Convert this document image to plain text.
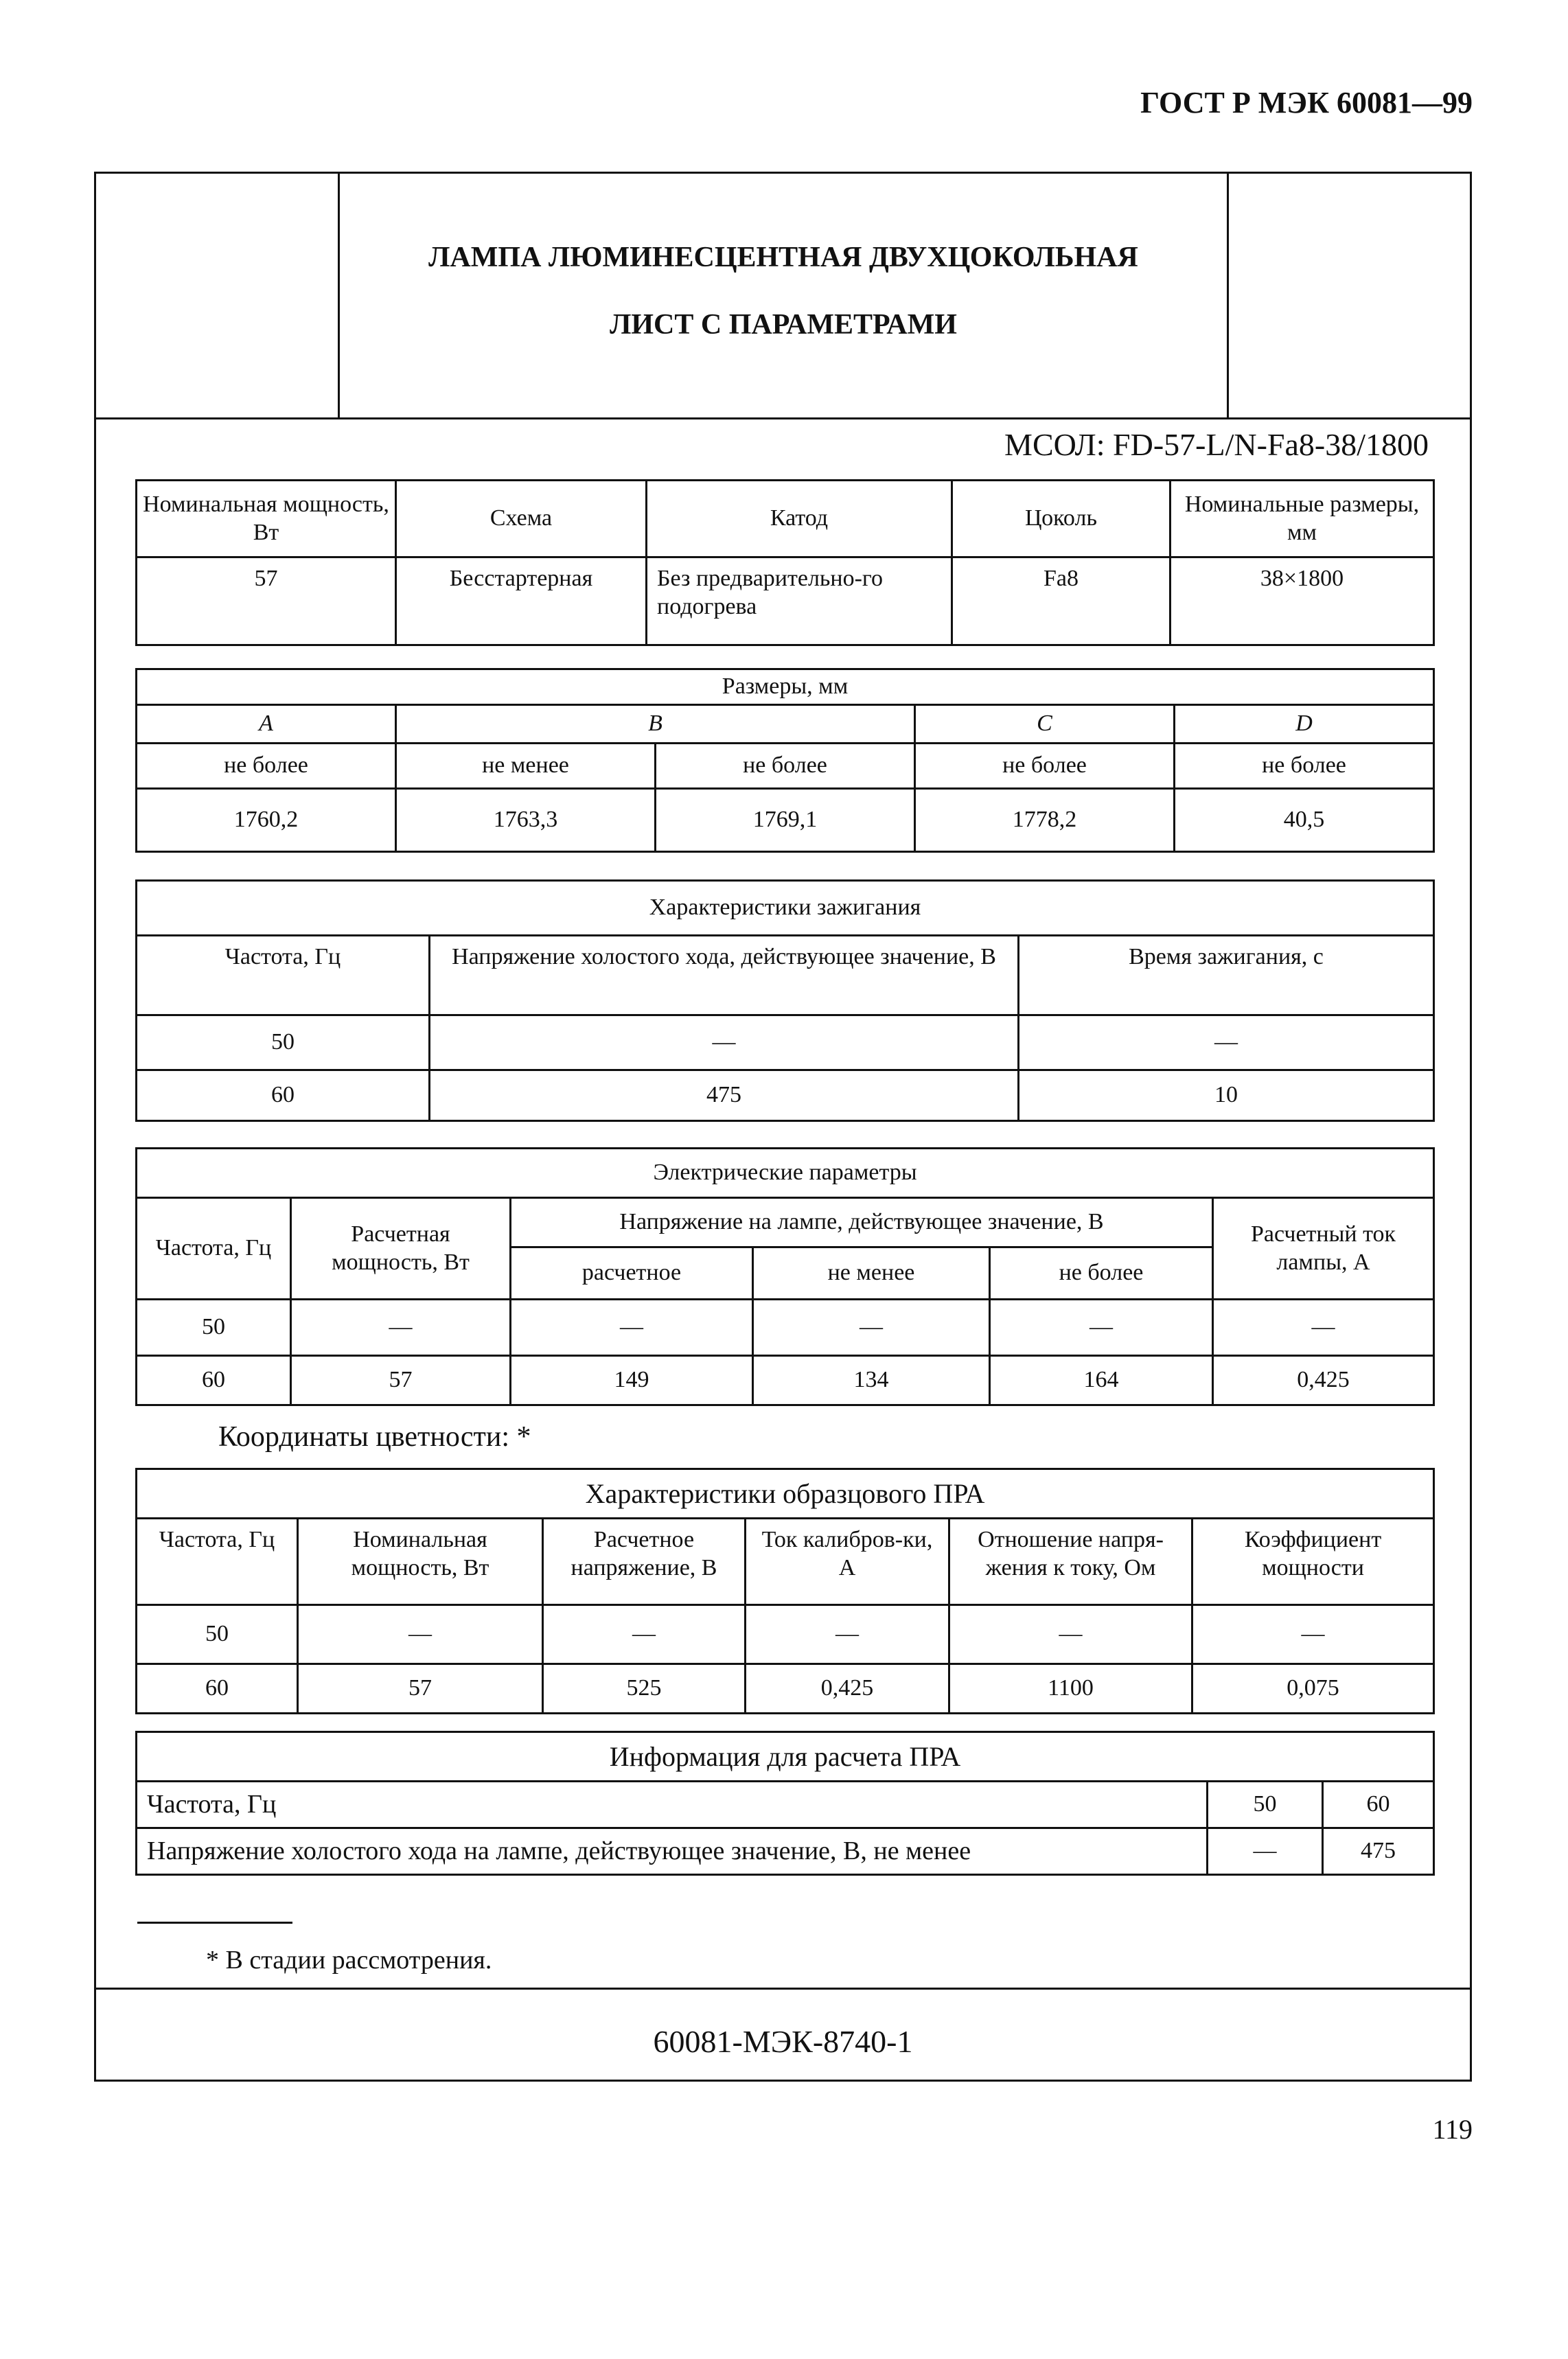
ГОСТ Р МЭК 60081—99
ЛАМПА ЛЮМИНЕСЦЕНТНАЯ ДВУХЦОКОЛЬНАЯ
ЛИСТ С ПАРАМЕТРАМИ
МСОЛ: FD-57-L/N-Fa8-38/1800
Номинальная мощность, Вт	Схема	Катод	Цоколь	Номинальные размеры, мм
57	Бесстартерная	Без предварительно-го подогрева	Fa8	38×1800
Размеры, мм				
A	B		C	D
не более	не менее	не более	не более	не более
1760,2	1763,3	1769,1	1778,2	40,5
Характеристики зажигания		
Частота, Гц	Напряжение холостого хода, действующее значение, В	Время зажигания, с
50	—	—
60	475	10
Электрические параметры					
Частота, Гц	Расчетная мощность, Вт	Напряжение на лампе, действующее значение, В			Расчетный ток лампы, А
		расчетное	не менее	не более	
50	—	—	—	—	—
60	57	149	134	164	0,425
Координаты цветности: *
Характеристики образцового ПРА					
Частота, Гц	Номинальная мощность, Вт	Расчетное напряжение, В	Ток калибров-ки, А	Отношение напря-жения к току, Ом	Коэффициент мощности
50	—	—	—	—	—
60	57	525	0,425	1100	0,075
Информация для расчета ПРА		
Частота, Гц	50	60
Напряжение холостого хода на лампе, действующее значение, В, не менее	—	475
* В стадии рассмотрения.
60081-МЭК-8740-1
119
